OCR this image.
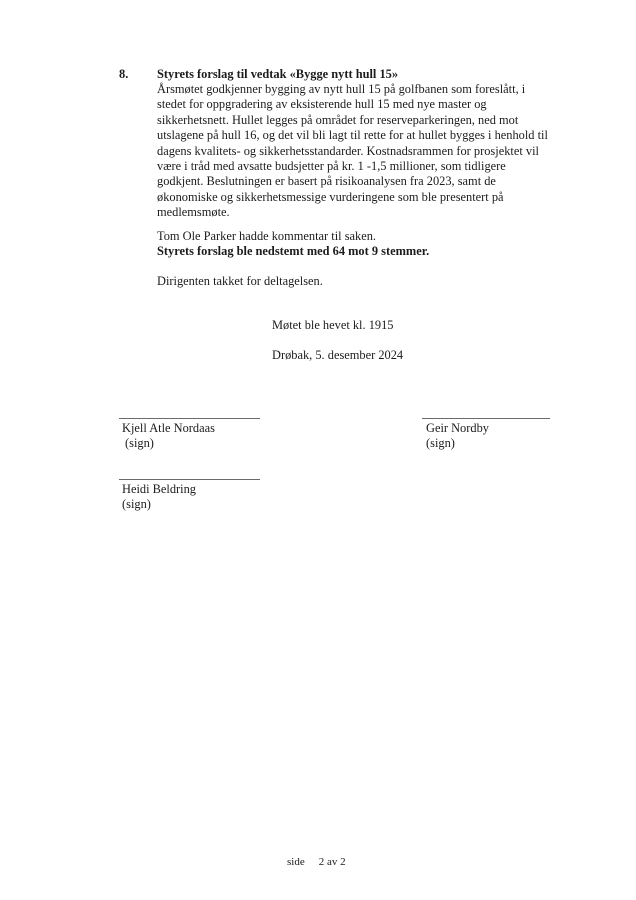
8. Styrets forslag til vedtak «Bygge nytt hull 15»
Årsmøtet godkjenner bygging av nytt hull 15 på golfbanen som foreslått, i
stedet for oppgradering av eksisterende hull 15 med nye master og
sikkerhetsnett. Hullet legges på området for reserveparkeringen, ned mot
utslagene på hull 16, og det vil bli lagt til rette for at hullet bygges i henhold til
dagens kvalitets- og sikkerhetsstandarder. Kostnadsrammen for prosjektet vil
være i tråd med avsatte budsjetter på kr. 1 -1,5 millioner, som tidligere
godkjent. Beslutningen er basert på risikoanalysen fra 2023, samt de
økonomiske og sikkerhetsmessige vurderingene som ble presentert på
medlemsmøte.
Tom Ole Parker hadde kommentar til saken.
Styrets forslag ble nedstemt med 64 mot 9 stemmer.
Dirigenten takket for deltagelsen.
Møtet ble hevet kl. 1915
Drøbak, 5. desember 2024
Kjell Atle Nordaas
(sign)
Geir Nordby
(sign)
Heidi Beldring
(sign)
side 2 av 2
